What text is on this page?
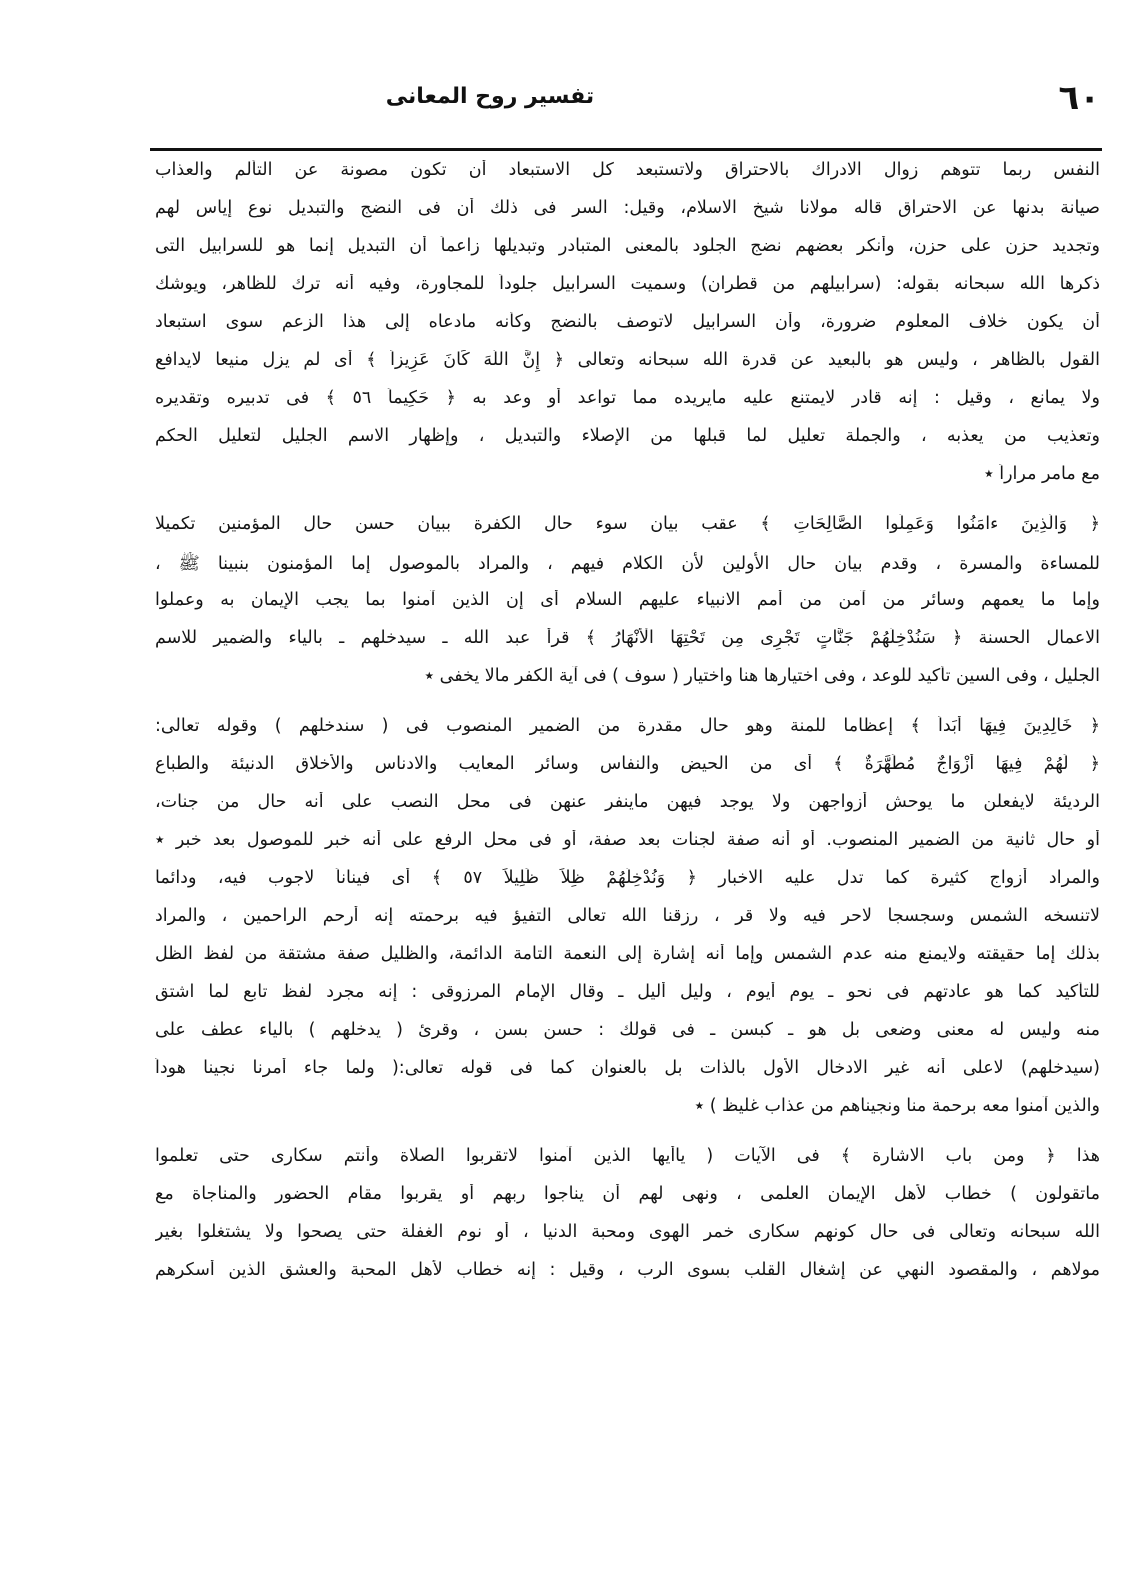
٦٠
تفسير روح المعانى
النفس ربما تتوهم زوال الادراك بالاحتراق ولاتستبعد كل الاستبعاد أن تكون مصونة عن التألم والعذاب
صيانة بدنها عن الاحتراق قاله مولانا شيخ الاسلام، وقيل: السر فى ذلك أن فى النضج والتبديل نوع إياس لهم
وتجديد حزن على حزن، وأنكر بعضهم نضج الجلود بالمعنى المتبادر وتبديلها زاعماً أن التبديل إنما هو للسرابيل التى
ذكرها الله سبحانه بقوله: (سرابيلهم من قطران) وسميت السرابيل جلوداً للمجاورة، وفيه أنه ترك للظاهر، ويوشك
أن يكون خلاف المعلوم ضرورة، وأن السرابيل لاتوصف بالنضج وكأنه مادعاه إلى هذا الزعم سوى استبعاد
القول بالظاهر ، وليس هو بالبعيد عن قدرة الله سبحانه وتعالى ﴿ إِنَّ اللَّهَ كَانَ عَزِيزاً ﴾ أى لم يزل منيعا لايدافع
ولا يمانع ، وقيل : إنه قادر لايمتنع عليه مايريده مما تواعد أو وعد به ﴿ حَكِيماً ٥٦ ﴾ فى تدبيره وتقديره
وتعذيب من يعذبه ، والجملة تعليل لما قبلها من الإصلاء والتبديل ، وإظهار الاسم الجليل لتعليل الحكم
مع مامر مراراً ٭
﴿ وَالَّذِينَ ءامَنُوا وَعَمِلُوا الصَّالِحَاتِ ﴾ عقب بيان سوء حال الكفرة ببيان حسن حال المؤمنين تكميلا
للمساءة والمسرة ، وقدم بيان حال الأولين لأن الكلام فيهم ، والمراد بالموصول إما المؤمنون بنبينا ﷺ ،
وإما ما يعمهم وسائر من آمن من أمم الانبياء عليهم السلام أى إن الذين آمنوا بما يجب الإيمان به وعملوا
الاعمال الحسنة ﴿ سَنُدْخِلُهُمْ جَنَّاتٍ تَجْرِى مِن تَحْتِهَا الْأَنْهَارُ ﴾ قرأ عبد الله ـ سيدخلهم ـ بالياء والضمير للاسم
الجليل ، وفى السين تأكيد للوعد ، وفى اختيارها هنا واختيار ( سوف ) فى آية الكفر مالا يخفى ٭
﴿ خَالِدِينَ فِيهَا أَبَداً ﴾ إعظاما للمنة وهو حال مقدرة من الضمير المنصوب فى ( سندخلهم ) وقوله تعالى:
﴿ لَهُمْ فِيهَا أَزْوَاجٌ مُطَهَّرَةٌ ﴾ أى من الحيض والنفاس وسائر المعايب والادناس والأخلاق الدنيئة والطباع
الرديئة لايفعلن ما يوحش أزواجهن ولا يوجد فيهن ماينفر عنهن فى محل النصب على أنه حال من جنات،
أو حال ثانية من الضمير المنصوب. أو أنه صفة لجنات بعد صفة، أو فى محل الرفع على أنه خبر للموصول بعد خبر ٭
والمراد أزواج كثيرة كما تدل عليه الاخبار ﴿ وَنُدْخِلُهُمْ ظِلاً ظَلِيلاً ٥٧ ﴾ أى فيناناً لاجوب فيه، ودائما
لاتنسخه الشمس وسجسجا لاحر فيه ولا قر ، رزقنا الله تعالى التفيؤ فيه برحمته إنه أرحم الراحمين ، والمراد
بذلك إما حقيقته ولايمنع منه عدم الشمس وإما أنه إشارة إلى النعمة التامة الدائمة، والظليل صفة مشتقة من لفظ الظل
للتأكيد كما هو عادتهم فى نحو ـ يوم أيوم ، وليل أليل ـ وقال الإمام المرزوقى : إنه مجرد لفظ تابع لما اشتق
منه وليس له معنى وضعى بل هو ـ كبسن ـ فى قولك : حسن بسن ، وقرئ ( يدخلهم ) بالياء عطف على
(سيدخلهم) لاعلى أنه غير الادخال الأول بالذات بل بالعنوان كما فى قوله تعالى:( ولما جاء أمرنا نجينا هوداً
والذين آمنوا معه برحمة منا ونجيناهم من عذاب غليظ ) ٭
هذا ﴿ ومن باب الاشارة ﴾ فى الآيات ( ياأيها الذين آمنوا لاتقربوا الصلاة وأنتم سكارى حتى تعلموا
ماتقولون ) خطاب لأهل الإيمان العلمى ، ونهى لهم أن يناجوا ربهم أو يقربوا مقام الحضور والمناجاة مع
الله سبحانه وتعالى فى حال كونهم سكارى خمر الهوى ومحبة الدنيا ، أو نوم الغفلة حتى يصحوا ولا يشتغلوا بغير
مولاهم ، والمقصود النهي عن إشغال القلب بسوى الرب ، وقيل : إنه خطاب لأهل المحبة والعشق الذين أسكرهم
